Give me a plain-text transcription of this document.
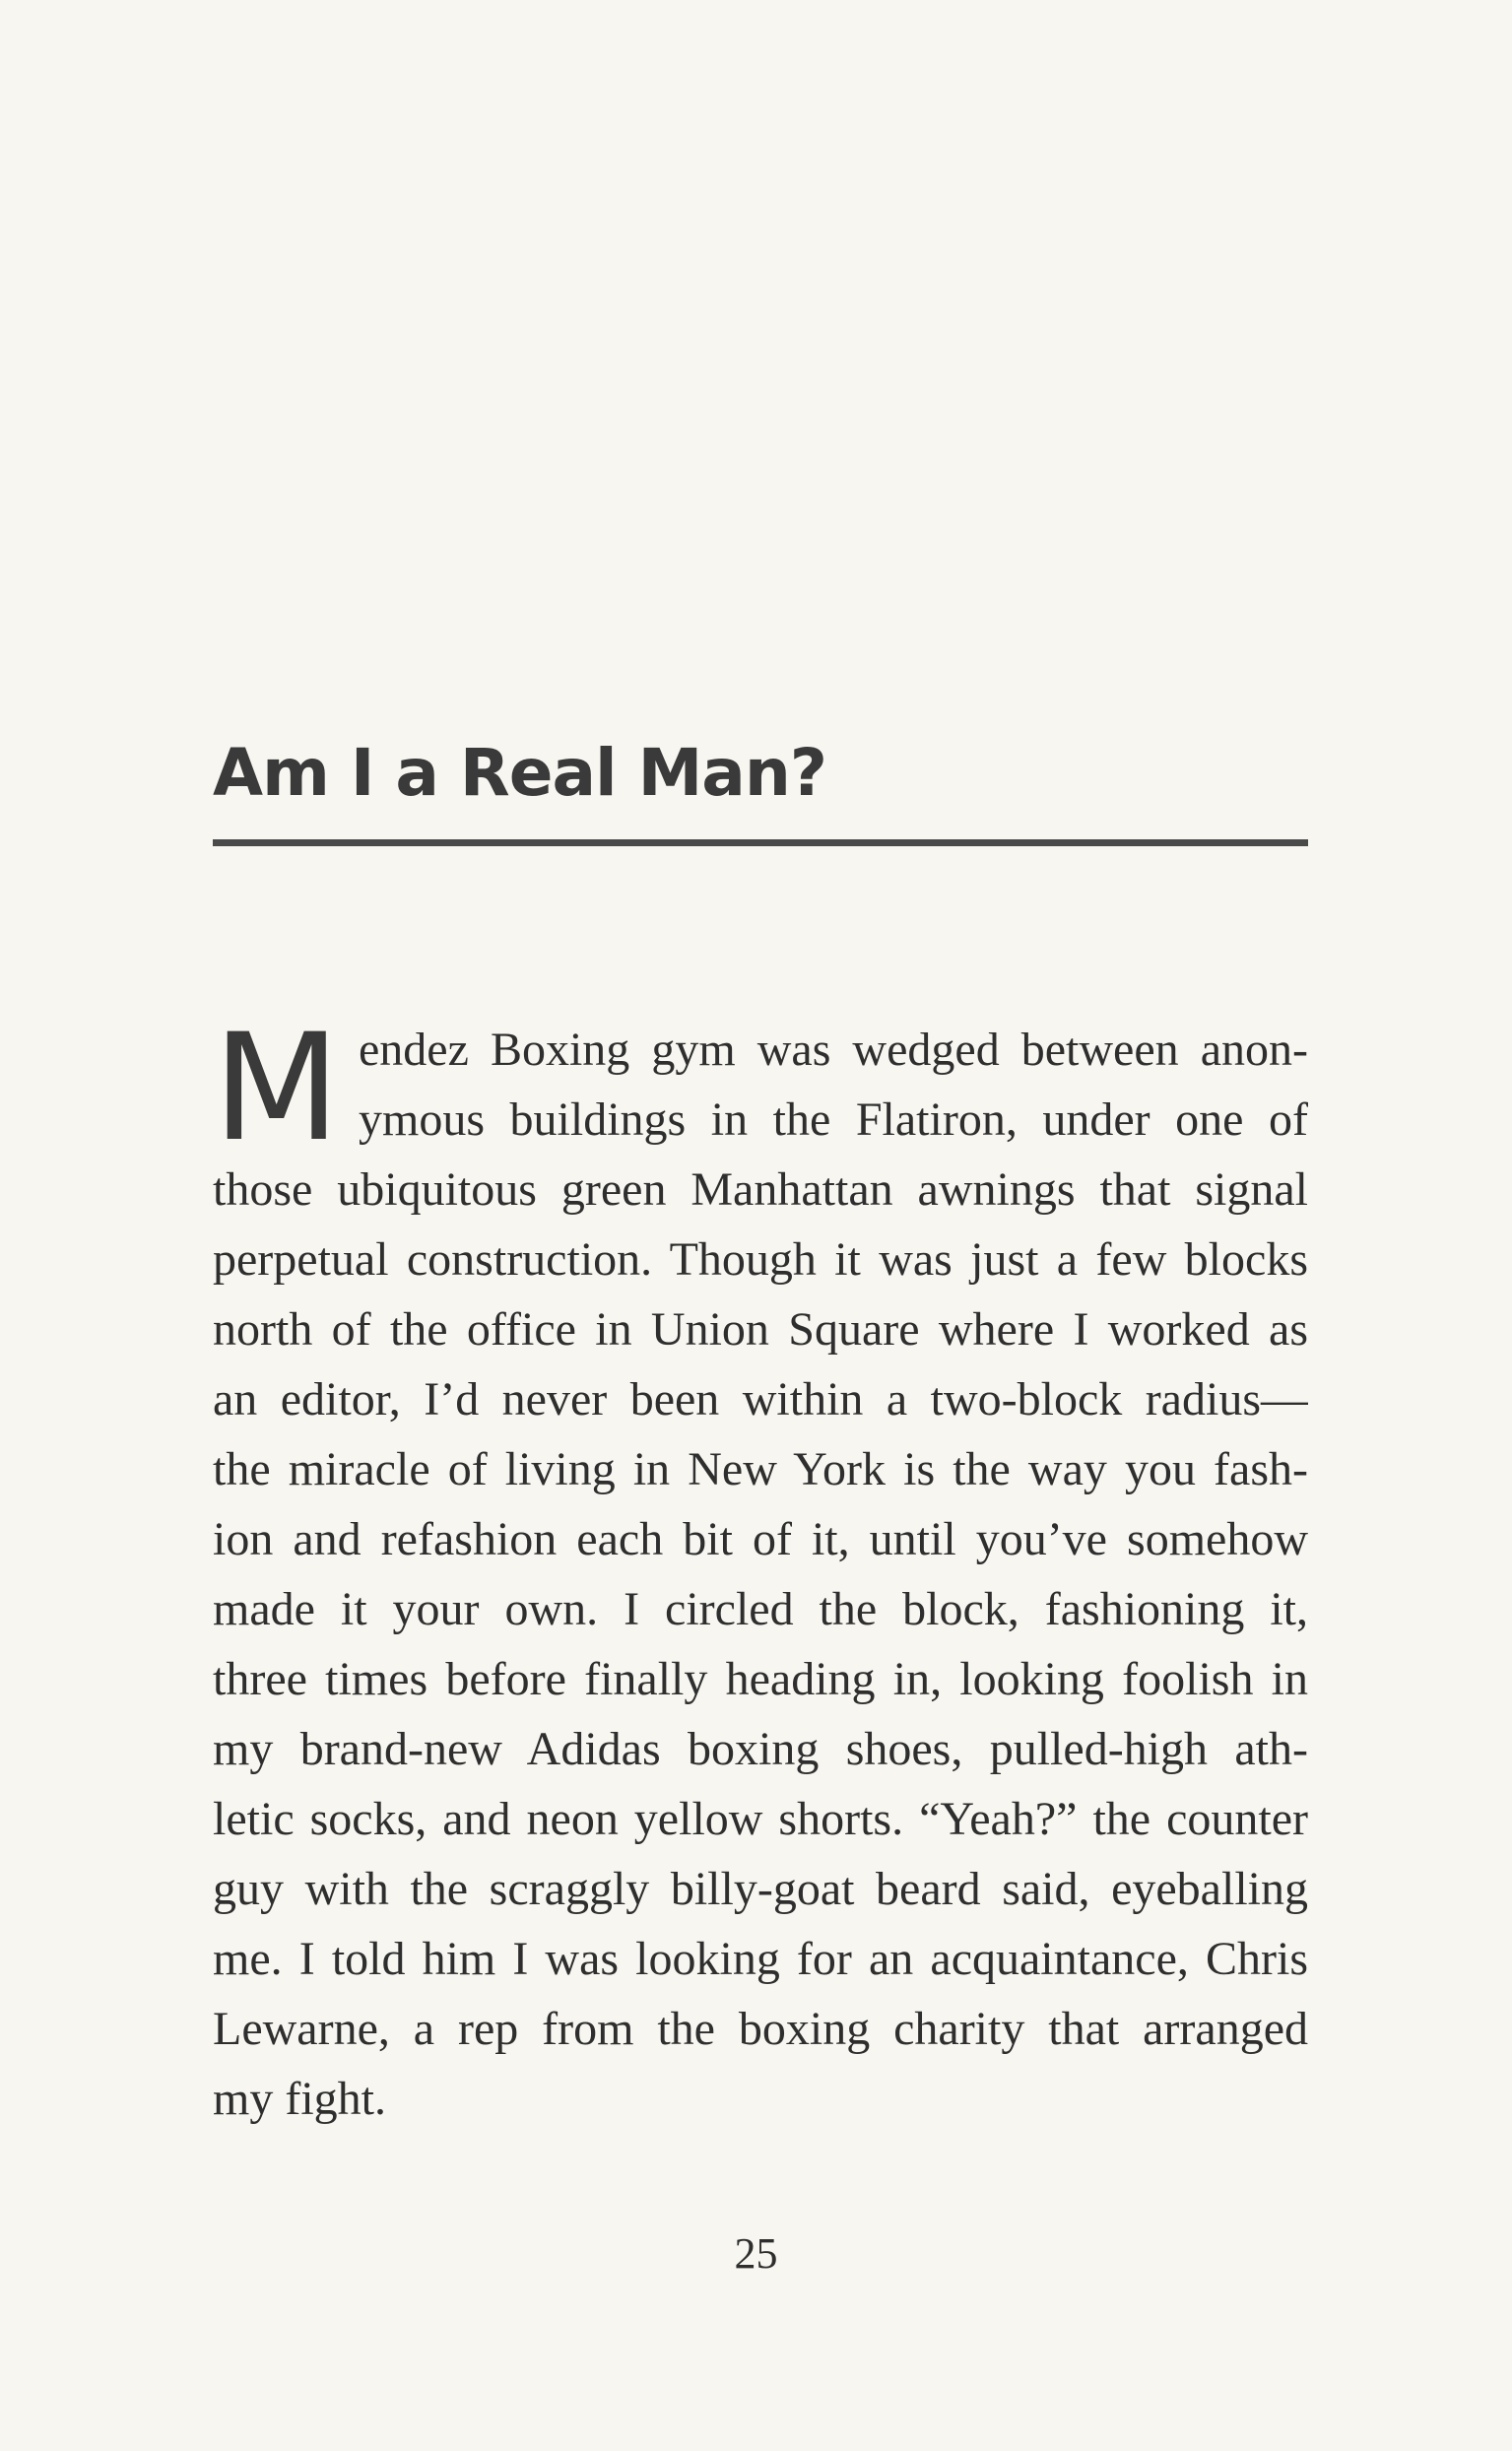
Am I a Real Man?
M endez Boxing gym was wedged between anon-
ymous buildings in the Flatiron, under one of
those ubiquitous green Manhattan awnings that signal
perpetual construction. Though it was just a few blocks
north of the office in Union Square where I worked as
an editor, I’d never been within a two-block radius—
the miracle of living in New York is the way you fash-
ion and refashion each bit of it, until you’ve somehow
made it your own. I circled the block, fashioning it,
three times before finally heading in, looking foolish in
my brand-new Adidas boxing shoes, pulled-high ath-
letic socks, and neon yellow shorts. “Yeah?” the counter
guy with the scraggly billy-goat beard said, eyeballing
me. I told him I was looking for an acquaintance, Chris
Lewarne, a rep from the boxing charity that arranged
my fight.
25
